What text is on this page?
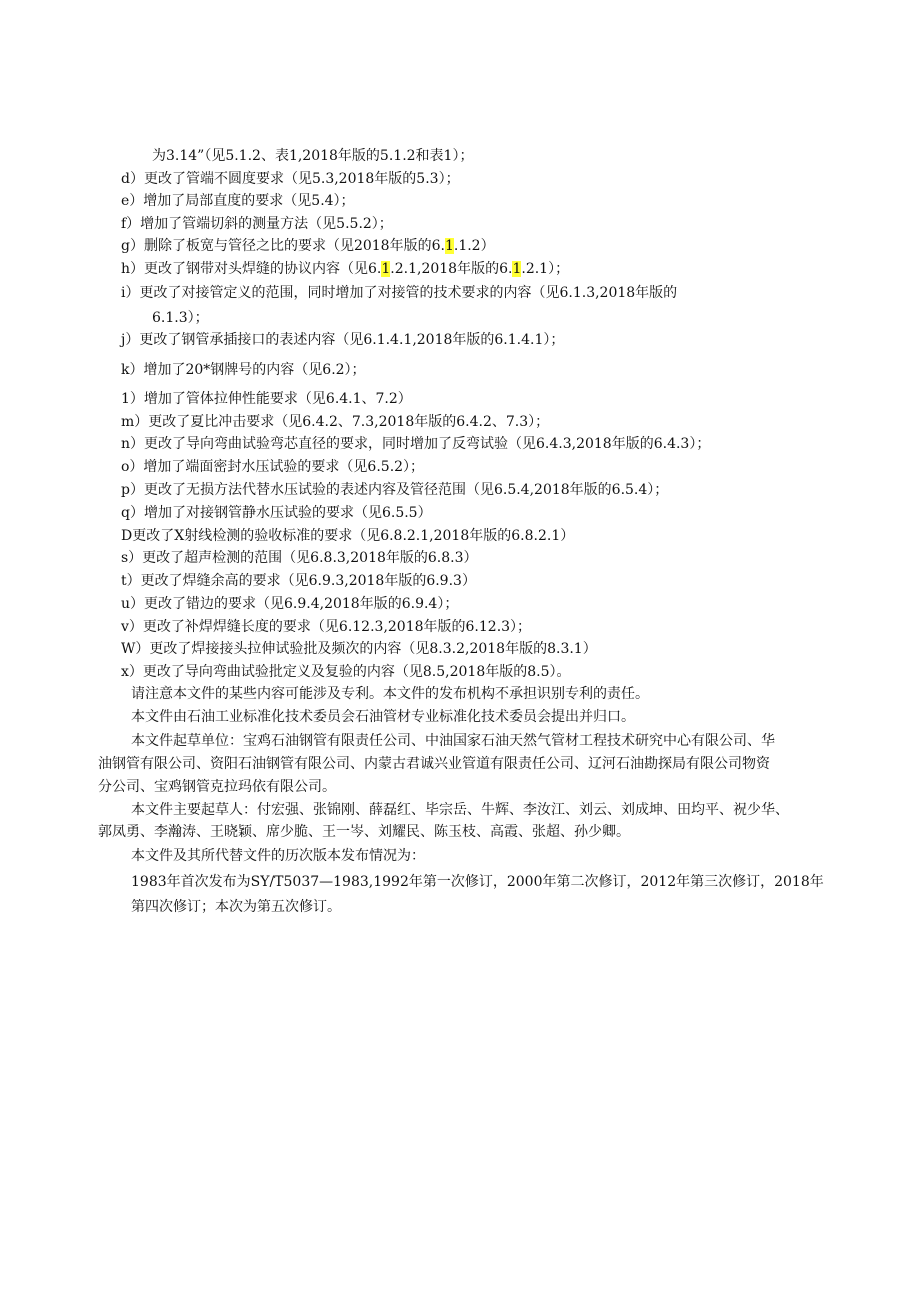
为3.14”（见5.1.2、表1,2018年版的5.1.2和表1）；
d）更改了管端不圆度要求（见5.3,2018年版的5.3）；
e）增加了局部直度的要求（见5.4）；
f）增加了管端切斜的测量方法（见5.5.2）；
g）删除了板宽与管径之比的要求（见2018年版的6.1.1.2）
h）更改了钢带对头焊缝的协议内容（见6.1.2.1,2018年版的6.1.2.1）；
i）更改了对接管定义的范围，同时增加了对接管的技术要求的内容（见6.1.3,2018年版的
6.1.3）；
j）更改了钢管承插接口的表述内容（见6.1.4.1,2018年版的6.1.4.1）；
k）增加了20*钢牌号的内容（见6.2）；
1）增加了管体拉伸性能要求（见6.4.1、7.2）
m）更改了夏比冲击要求（见6.4.2、7.3,2018年版的6.4.2、7.3）；
n）更改了导向弯曲试验弯芯直径的要求，同时增加了反弯试验（见6.4.3,2018年版的6.4.3）；
o）增加了端面密封水压试验的要求（见6.5.2）；
p）更改了无损方法代替水压试验的表述内容及管径范围（见6.5.4,2018年版的6.5.4）；
q）增加了对接钢管静水压试验的要求（见6.5.5）
D更改了X射线检测的验收标准的要求（见6.8.2.1,2018年版的6.8.2.1）
s）更改了超声检测的范围（见6.8.3,2018年版的6.8.3）
t）更改了焊缝余高的要求（见6.9.3,2018年版的6.9.3）
u）更改了错边的要求（见6.9.4,2018年版的6.9.4）；
v）更改了补焊焊缝长度的要求（见6.12.3,2018年版的6.12.3）；
W）更改了焊接接头拉伸试验批及频次的内容（见8.3.2,2018年版的8.3.1）
x）更改了导向弯曲试验批定义及复验的内容（见8.5,2018年版的8.5）。
请注意本文件的某些内容可能涉及专利。本文件的发布机构不承担识别专利的责任。
本文件由石油工业标准化技术委员会石油管材专业标准化技术委员会提出并归口。
本文件起草单位：宝鸡石油钢管有限责任公司、中油国家石油天然气管材工程技术研究中心有限公司、华
油钢管有限公司、资阳石油钢管有限公司、内蒙古君诚兴业管道有限责任公司、辽河石油勘探局有限公司物资
分公司、宝鸡钢管克拉玛依有限公司。
本文件主要起草人：付宏强、张锦刚、薛磊红、毕宗岳、牛辉、李汝江、刘云、刘成坤、田均平、祝少华、
郭凤勇、李瀚涛、王晓颖、席少脆、王一岑、刘耀民、陈玉枝、高霞、张超、孙少卿。
本文件及其所代替文件的历次版本发布情况为：
1983年首次发布为SY/T5037—1983,1992年第一次修订，2000年第二次修订，2012年第三次修订，2018年
第四次修订；本次为第五次修订。
